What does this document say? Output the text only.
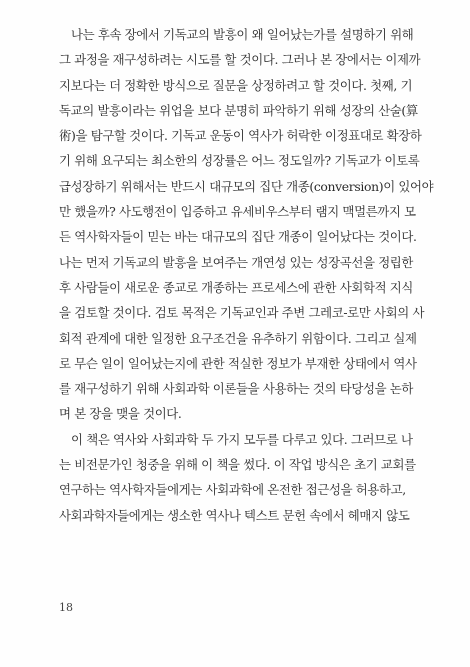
나는 후속 장에서 기독교의 발흥이 왜 일어났는가를 설명하기 위해
그 과정을 재구성하려는 시도를 할 것이다. 그러나 본 장에서는 이제까
지보다는 더 정확한 방식으로 질문을 상정하려고 할 것이다. 첫째, 기
독교의 발흥이라는 위업을 보다 분명히 파악하기 위해 성장의 산술(算
術)을 탐구할 것이다. 기독교 운동이 역사가 허락한 이정표대로 확장하
기 위해 요구되는 최소한의 성장률은 어느 정도일까? 기독교가 이토록
급성장하기 위해서는 반드시 대규모의 집단 개종(conversion)이 있어야
만 했을까? 사도행전이 입증하고 유세비우스부터 램지 맥멀른까지 모
든 역사학자들이 믿는 바는 대규모의 집단 개종이 일어났다는 것이다.
나는 먼저 기독교의 발흥을 보여주는 개연성 있는 성장곡선을 정립한
후 사람들이 새로운 종교로 개종하는 프로세스에 관한 사회학적 지식
을 검토할 것이다. 검토 목적은 기독교인과 주변 그레코-로만 사회의 사
회적 관계에 대한 일정한 요구조건을 유추하기 위함이다. 그리고 실제
로 무슨 일이 일어났는지에 관한 적실한 정보가 부재한 상태에서 역사
를 재구성하기 위해 사회과학 이론들을 사용하는 것의 타당성을 논하
며 본 장을 맺을 것이다.
이 책은 역사와 사회과학 두 가지 모두를 다루고 있다. 그러므로 나
는 비전문가인 청중을 위해 이 책을 썼다. 이 작업 방식은 초기 교회를
연구하는 역사학자들에게는 사회과학에 온전한 접근성을 허용하고,
사회과학자들에게는 생소한 역사나 텍스트 문헌 속에서 헤매지 않도
18
